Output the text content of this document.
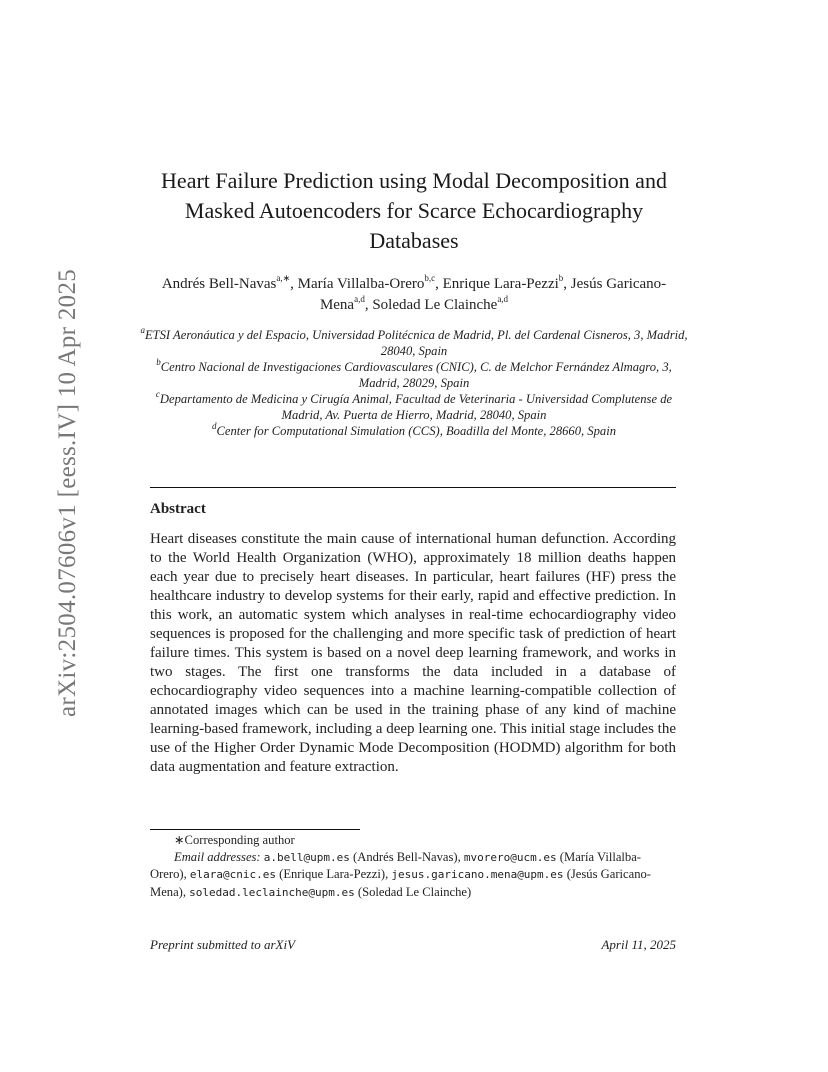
arXiv:2504.07606v1 [eess.IV] 10 Apr 2025
Heart Failure Prediction using Modal Decomposition and Masked Autoencoders for Scarce Echocardiography Databases
Andrés Bell-Navas$^{a,∗}$, María Villalba-Orero$^{b,c}$, Enrique Lara-Pezzi$^b$, Jesús Garicano-Mena$^{a,d}$, Soledad Le Clainche$^{a,d}$
$^a$ETSI Aeronáutica y del Espacio, Universidad Politécnica de Madrid, Pl. del Cardenal Cisneros, 3, Madrid, 28040, Spain
$^b$Centro Nacional de Investigaciones Cardiovasculares (CNIC), C. de Melchor Fernández Almagro, 3, Madrid, 28029, Spain
$^c$Departamento de Medicina y Cirugía Animal, Facultad de Veterinaria - Universidad Complutense de Madrid, Av. Puerta de Hierro, Madrid, 28040, Spain
$^d$Center for Computational Simulation (CCS), Boadilla del Monte, 28660, Spain
Abstract
Heart diseases constitute the main cause of international human defunction. According to the World Health Organization (WHO), approximately 18 million deaths happen each year due to precisely heart diseases. In particular, heart failures (HF) press the healthcare industry to develop systems for their early, rapid and effective prediction. In this work, an automatic system which analyses in real-time echocardiography video sequences is proposed for the challenging and more specific task of prediction of heart failure times. This system is based on a novel deep learning framework, and works in two stages. The first one transforms the data included in a database of echocardiography video sequences into a machine learning-compatible collection of annotated images which can be used in the training phase of any kind of machine learning-based framework, including a deep learning one. This initial stage includes the use of the Higher Order Dynamic Mode Decomposition (HODMD) algorithm for both data augmentation and feature extraction.
∗Corresponding author
Email addresses: a.bell@upm.es (Andrés Bell-Navas), mvorero@ucm.es (María Villalba-Orero), elara@cnic.es (Enrique Lara-Pezzi), jesus.garicano.mena@upm.es (Jesús Garicano-Mena), soledad.leclainche@upm.es (Soledad Le Clainche)
Preprint submitted to arXiV	April 11, 2025
